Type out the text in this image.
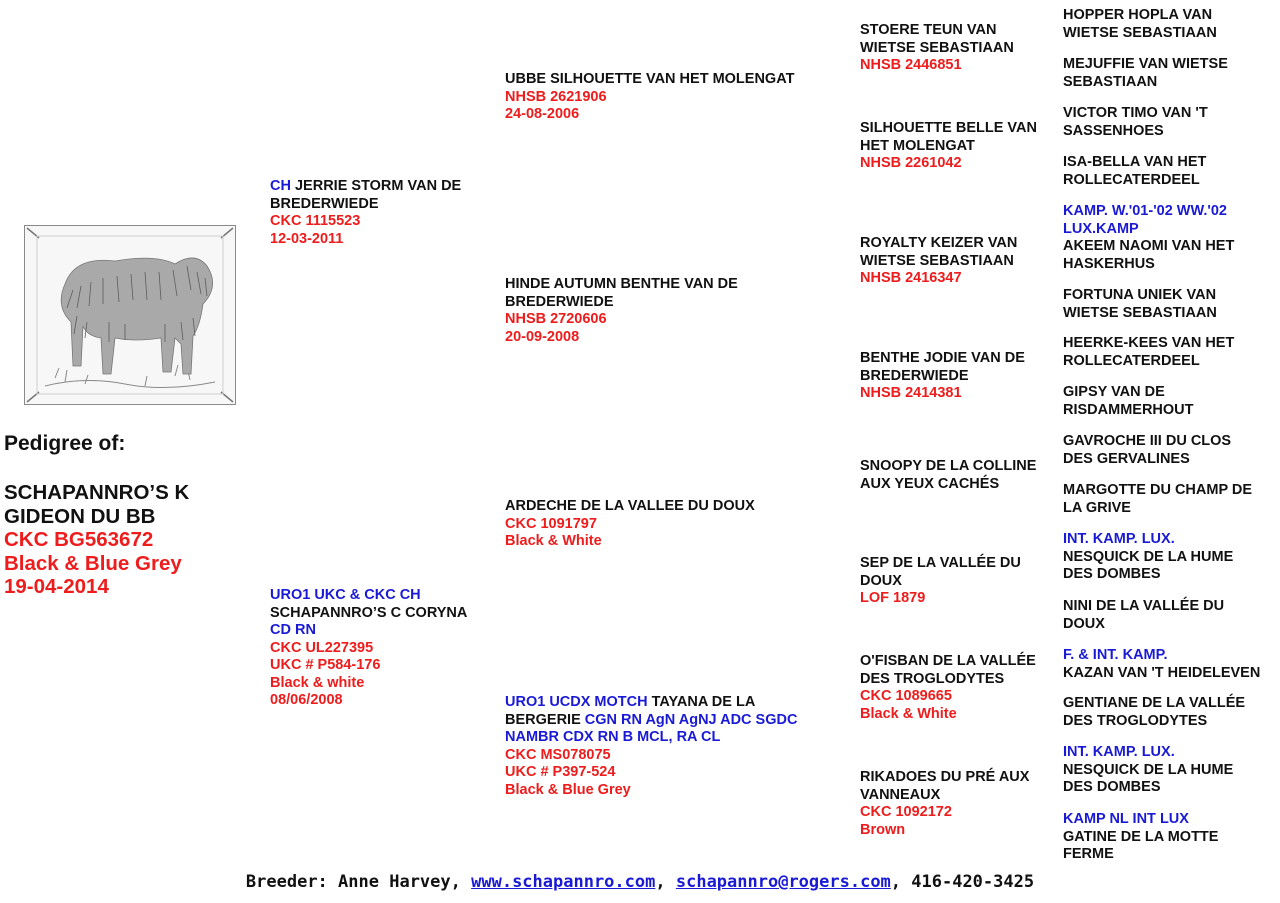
Pedigree of:
SCHAPANNRO’S K
GIDEON DU BB
CKC BG563672
Black & Blue Grey
19-04-2014
CH JERRIE STORM VAN DE BREDERWIEDE
CKC 1115523
12-03-2011
URO1 UKC & CKC CH
SCHAPANNRO’S C CORYNA
CD RN
CKC UL227395
UKC # P584-176
Black & white
08/06/2008
UBBE SILHOUETTE VAN HET MOLENGAT
NHSB 2621906
24-08-2006
HINDE AUTUMN BENTHE VAN DE BREDERWIEDE
NHSB 2720606
20-09-2008
ARDECHE DE LA VALLEE DU DOUX
CKC 1091797
Black & White
URO1 UCDX MOTCH TAYANA DE LA BERGERIE CGN RN AgN AgNJ ADC SGDC NAMBR CDX RN B MCL, RA CL
CKC MS078075
UKC # P397-524
Black & Blue Grey
STOERE TEUN VAN WIETSE SEBASTIAAN
NHSB 2446851
SILHOUETTE BELLE VAN HET MOLENGAT
NHSB 2261042
ROYALTY KEIZER VAN WIETSE SEBASTIAAN
NHSB 2416347
BENTHE JODIE VAN DE BREDERWIEDE
NHSB 2414381
SNOOPY DE LA COLLINE AUX YEUX CACHÉS
SEP DE LA VALLÉE DU DOUX
LOF 1879
O'FISBAN DE LA VALLÉE DES TROGLODYTES
CKC 1089665
Black & White
RIKADOES DU PRÉ AUX VANNEAUX
CKC 1092172
Brown
HOPPER HOPLA VAN WIETSE SEBASTIAAN
MEJUFFIE VAN WIETSE SEBASTIAAN
VICTOR TIMO VAN 'T SASSENHOES
ISA-BELLA VAN HET ROLLECATERDEEL
KAMP. W.'01-'02 WW.'02 LUX.KAMP
AKEEM NAOMI VAN HET HASKERHUS
FORTUNA UNIEK VAN WIETSE SEBASTIAAN
HEERKE-KEES VAN HET ROLLECATERDEEL
GIPSY VAN DE RISDAMMERHOUT
GAVROCHE III DU CLOS DES GERVALINES
MARGOTTE DU CHAMP DE LA GRIVE
INT. KAMP. LUX.
NESQUICK DE LA HUME DES DOMBES
NINI DE LA VALLÉE DU DOUX
F. & INT. KAMP.
KAZAN VAN 'T HEIDELEVEN
GENTIANE DE LA VALLÉE DES TROGLODYTES
INT. KAMP. LUX.
NESQUICK DE LA HUME DES DOMBES
KAMP NL INT LUX
GATINE DE LA MOTTE FERME
Breeder: Anne Harvey, www.schapannro.com, schapannro@rogers.com, 416-420-3425
